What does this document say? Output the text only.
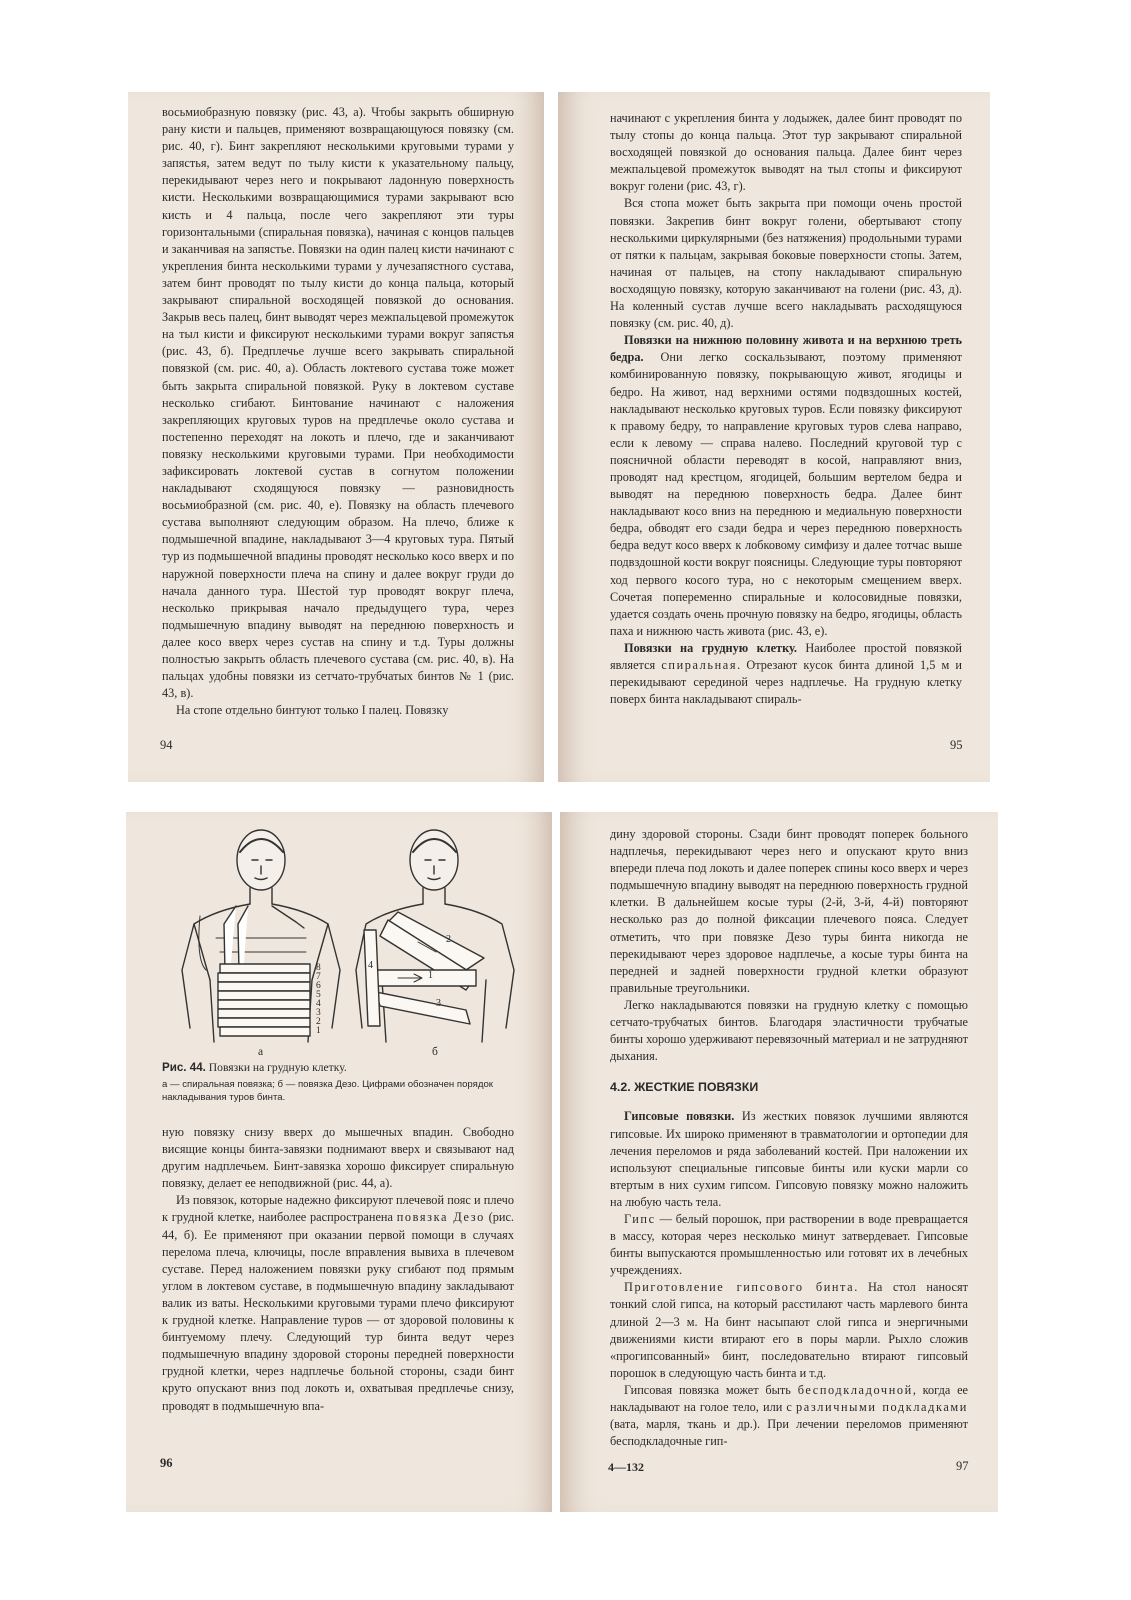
восьмиобразную повязку (рис. 43, а). Чтобы закрыть обширную рану кисти и пальцев, применяют возвращающуюся повязку (см. рис. 40, г). Бинт закрепляют несколькими круговыми турами у запястья, затем ведут по тылу кисти к указательному пальцу, перекидывают через него и покрывают ладонную поверхность кисти. Несколькими возвращающимися турами закрывают всю кисть и 4 пальца, после чего закрепляют эти туры горизонтальными (спиральная повязка), начиная с концов пальцев и заканчивая на запястье. Повязки на один палец кисти начинают с укрепления бинта несколькими турами у лучезапястного сустава, затем бинт проводят по тылу кисти до конца пальца, который закрывают спиральной восходящей повязкой до основания. Закрыв весь палец, бинт выводят через межпальцевой промежуток на тыл кисти и фиксируют несколькими турами вокруг запястья (рис. 43, б). Предплечье лучше всего закрывать спиральной повязкой (см. рис. 40, а). Область локтевого сустава тоже может быть закрыта спиральной повязкой. Руку в локтевом суставе несколько сгибают. Бинтование начинают с наложения закрепляющих круговых туров на предплечье около сустава и постепенно переходят на локоть и плечо, где и заканчивают повязку несколькими круговыми турами. При необходимости зафиксировать локтевой сустав в согнутом положении накладывают сходящуюся повязку — разновидность восьмиобразной (см. рис. 40, е). Повязку на область плечевого сустава выполняют следующим образом. На плечо, ближе к подмышечной впадине, накладывают 3—4 круговых тура. Пятый тур из подмышечной впадины проводят несколько косо вверх и по наружной поверхности плеча на спину и далее вокруг груди до начала данного тура. Шестой тур проводят вокруг плеча, несколько прикрывая начало предыдущего тура, через подмышечную впадину выводят на переднюю поверхность и далее косо вверх через сустав на спину и т.д. Туры должны полностью закрыть область плечевого сустава (см. рис. 40, в). На пальцах удобны повязки из сетчато-трубчатых бинтов № 1 (рис. 43, в).

На стопе отдельно бинтуют только I палец. Повязку

94

начинают с укрепления бинта у лодыжек, далее бинт проводят по тылу стопы до конца пальца. Этот тур закрывают спиральной восходящей повязкой до основания пальца. Далее бинт через межпальцевой промежуток выводят на тыл стопы и фиксируют вокруг голени (рис. 43, г).

Вся стопа может быть закрыта при помощи очень простой повязки. Закрепив бинт вокруг голени, обертывают стопу несколькими циркулярными (без натяжения) продольными турами от пятки к пальцам, закрывая боковые поверхности стопы. Затем, начиная от пальцев, на стопу накладывают спиральную восходящую повязку, которую заканчивают на голени (рис. 43, д). На коленный сустав лучше всего накладывать расходящуюся повязку (см. рис. 40, д).

Повязки на нижнюю половину живота и на верхнюю треть бедра. Они легко соскальзывают, поэтому применяют комбинированную повязку, покрывающую живот, ягодицы и бедро. На живот, над верхними остями подвздошных костей, накладывают несколько круговых туров. Если повязку фиксируют к правому бедру, то направление круговых туров слева направо, если к левому — справа налево. Последний круговой тур с поясничной области переводят в косой, направляют вниз, проводят над крестцом, ягодицей, большим вертелом бедра и выводят на переднюю поверхность бедра. Далее бинт накладывают косо вниз на переднюю и медиальную поверхности бедра, обводят его сзади бедра и через переднюю поверхность бедра ведут косо вверх к лобковому симфизу и далее тотчас выше подвздошной кости вокруг поясницы. Следующие туры повторяют ход первого косого тура, но с некоторым смещением вверх. Сочетая попеременно спиральные и колосовидные повязки, удается создать очень прочную повязку на бедро, ягодицы, область паха и нижнюю часть живота (рис. 43, е).

Повязки на грудную клетку. Наиболее простой повязкой является спиральная. Отрезают кусок бинта длиной 1,5 м и перекидывают серединой через надплечье. На грудную клетку поверх бинта накладывают спираль-

95
8
7
6
5
4
3
2
1
1
2
3
4
а	б
Рис. 44. Повязки на грудную клетку.
а — спиральная повязка; б — повязка Дезо. Цифрами обозначен порядок накладывания туров бинта.

ную повязку снизу вверх до мышечных впадин. Свободно висящие концы бинта-завязки поднимают вверх и связывают над другим надплечьем. Бинт-завязка хорошо фиксирует спиральную повязку, делает ее неподвижной (рис. 44, а).

Из повязок, которые надежно фиксируют плечевой пояс и плечо к грудной клетке, наиболее распространена повязка Дезо (рис. 44, б). Ее применяют при оказании первой помощи в случаях перелома плеча, ключицы, после вправления вывиха в плечевом суставе. Перед наложением повязки руку сгибают под прямым углом в локтевом суставе, в подмышечную впадину закладывают валик из ваты. Несколькими круговыми турами плечо фиксируют к грудной клетке. Направление туров — от здоровой половины к бинтуемому плечу. Следующий тур бинта ведут через подмышечную впадину здоровой стороны передней поверхности грудной клетки, через надплечье больной стороны, сзади бинт круто опускают вниз под локоть и, охватывая предплечье снизу, проводят в подмышечную впа-

96

дину здоровой стороны. Сзади бинт проводят поперек больного надплечья, перекидывают через него и опускают круто вниз впереди плеча под локоть и далее поперек спины косо вверх и через подмышечную впадину выводят на переднюю поверхность грудной клетки. В дальнейшем косые туры (2-й, 3-й, 4-й) повторяют несколько раз до полной фиксации плечевого пояса. Следует отметить, что при повязке Дезо туры бинта никогда не перекидывают через здоровое надплечье, а косые туры бинта на передней и задней поверхности грудной клетки образуют правильные треугольники.

Легко накладываются повязки на грудную клетку с помощью сетчато-трубчатых бинтов. Благодаря эластичности трубчатые бинты хорошо удерживают перевязочный материал и не затрудняют дыхания.

4.2. ЖЕСТКИЕ ПОВЯЗКИ

Гипсовые повязки. Из жестких повязок лучшими являются гипсовые. Их широко применяют в травматологии и ортопедии для лечения переломов и ряда заболеваний костей. При наложении их используют специальные гипсовые бинты или куски марли со втертым в них сухим гипсом. Гипсовую повязку можно наложить на любую часть тела.

Гипс — белый порошок, при растворении в воде превращается в массу, которая через несколько минут затвердевает. Гипсовые бинты выпускаются промышленностью или готовят их в лечебных учреждениях.

Приготовление гипсового бинта. На стол наносят тонкий слой гипса, на который расстилают часть марлевого бинта длиной 2—3 м. На бинт насыпают слой гипса и энергичными движениями кисти втирают его в поры марли. Рыхло сложив «прогипсованный» бинт, последовательно втирают гипсовый порошок в следующую часть бинта и т.д.

Гипсовая повязка может быть бесподкладочной, когда ее накладывают на голое тело, или с различными подкладками (вата, марля, ткань и др.). При лечении переломов применяют бесподкладочные гип-

4—132	97
